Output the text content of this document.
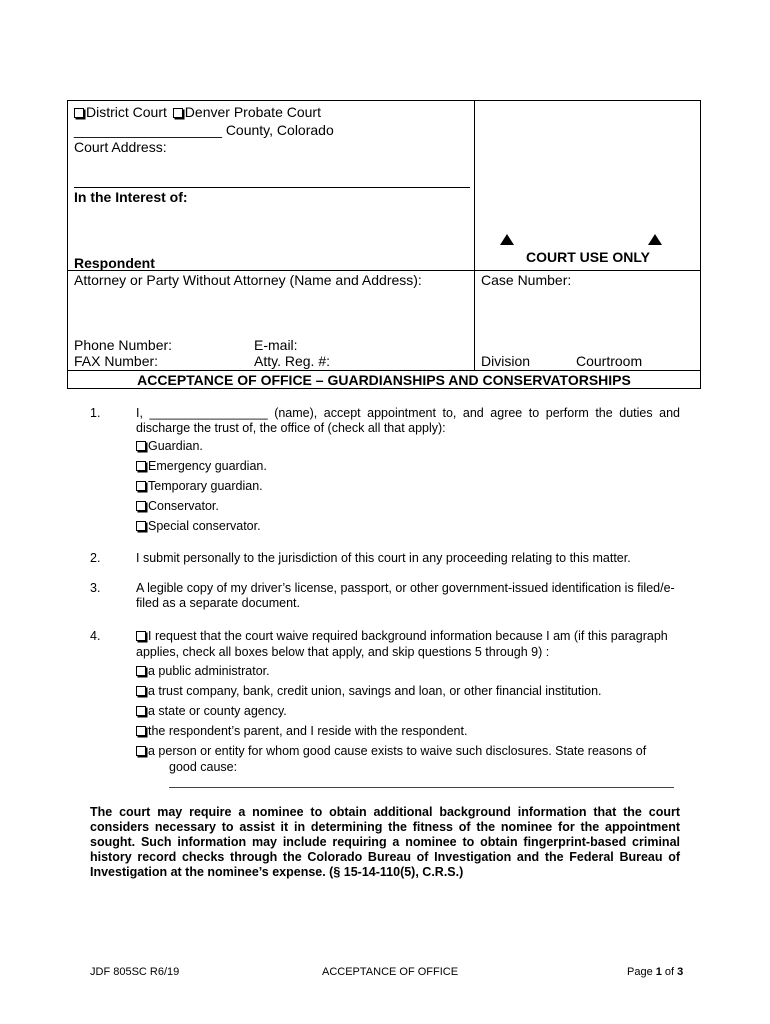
District Court Denver Probate Court
___________________ County, Colorado
Court Address:
In the Interest of:
Respondent
Attorney or Party Without Attorney (Name and Address):
Phone Number:	E-mail:
FAX Number:	Atty. Reg. #:
COURT USE ONLY
Case Number:
Division	Courtroom
ACCEPTANCE OF OFFICE – GUARDIANSHIPS AND CONSERVATORSHIPS
1.	I, _________________ (name), accept appointment to, and agree to perform the duties and
discharge the trust of, the office of (check all that apply):
Guardian.
Emergency guardian.
Temporary guardian.
Conservator.
Special conservator.
2.	I submit personally to the jurisdiction of this court in any proceeding relating to this matter.
3.	A legible copy of my driver’s license, passport, or other government-issued identification is filed/e-
filed as a separate document.
4.	I request that the court waive required background information because I am (if this paragraph
applies, check all boxes below that apply, and skip questions 5 through 9) :
a public administrator.
a trust company, bank, credit union, savings and loan, or other financial institution.
a state or county agency.
the respondent’s parent, and I reside with the respondent.
a person or entity for whom good cause exists to waive such disclosures. State reasons of
good cause:
The court may require a nominee to obtain additional background information that the court
considers necessary to assist it in determining the fitness of the nominee for the appointment
sought. Such information may include requiring a nominee to obtain fingerprint-based criminal
history record checks through the Colorado Bureau of Investigation and the Federal Bureau of
Investigation at the nominee’s expense. (§ 15-14-110(5), C.R.S.)
JDF 805SC R6/19	ACCEPTANCE OF OFFICE	Page 1 of 3
